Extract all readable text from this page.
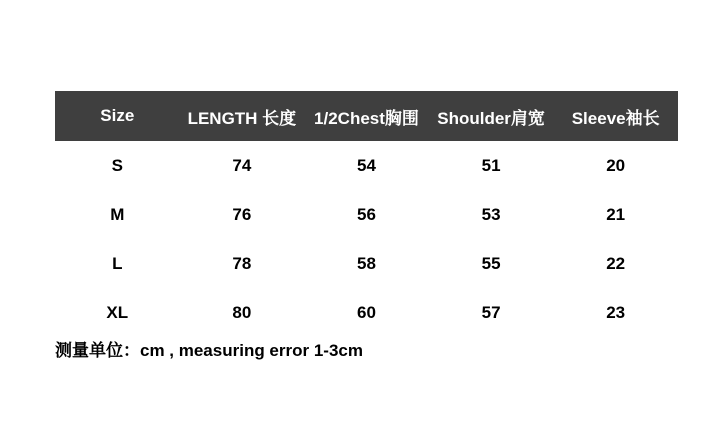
Size	LENGTH 长度	1/2Chest胸围	Shoulder肩宽	Sleeve袖长
S	74	54	51	20
M	76	56	53	21
L	78	58	55	22
XL	80	60	57	23
测量单位：cm , measuring error 1-3cm
